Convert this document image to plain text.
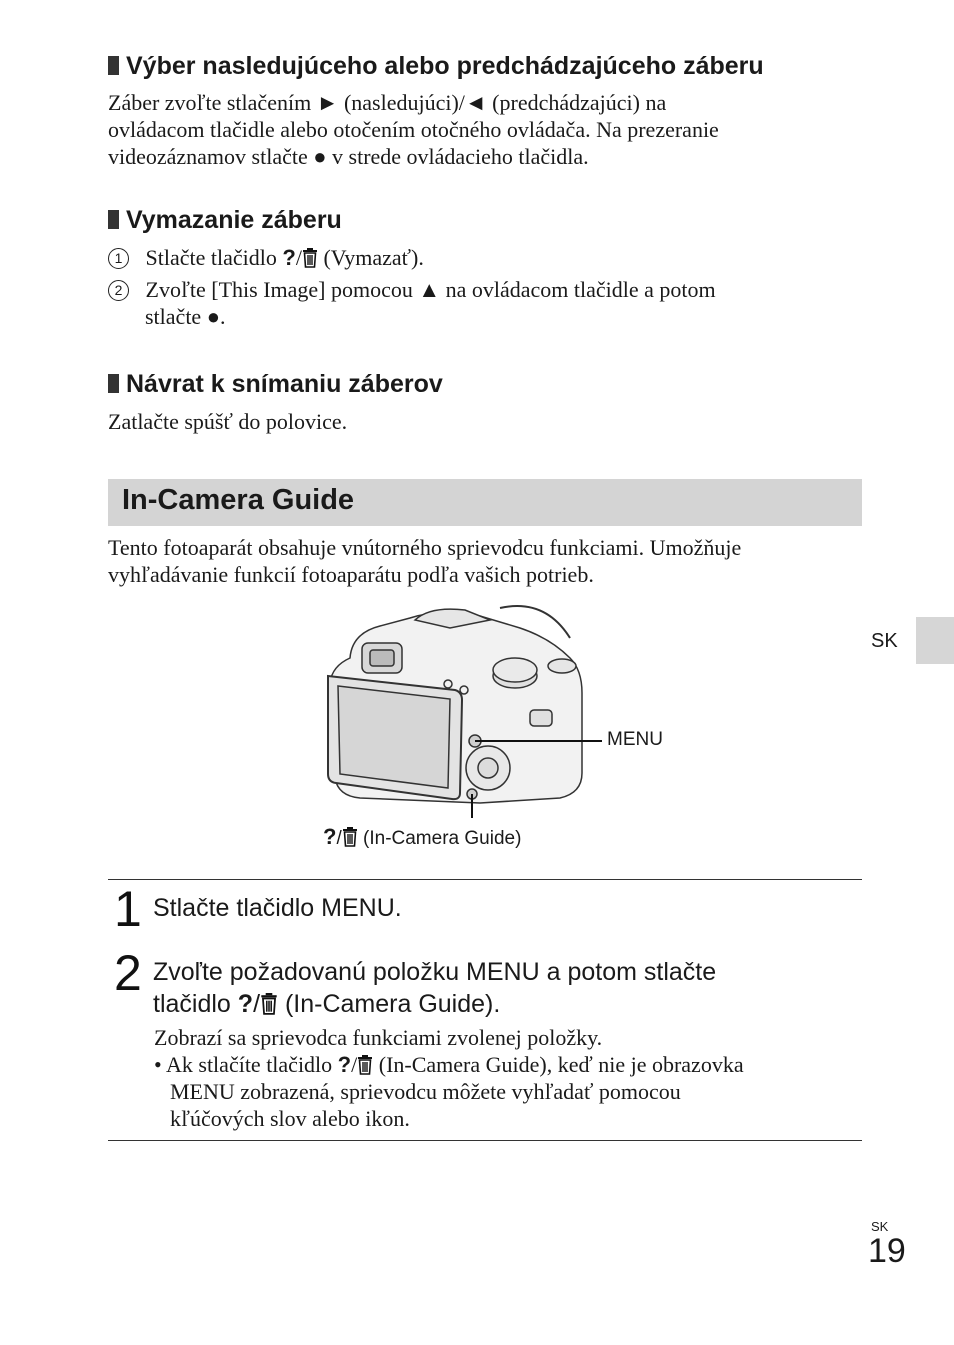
Výber nasledujúceho alebo predchádzajúceho záberu
Záber zvoľte stlačením ► (nasledujúci)/◄ (predchádzajúci) na
ovládacom tlačidle alebo otočením otočného ovládača. Na prezeranie
videozáznamov stlačte ● v strede ovládacieho tlačidla.
Vymazanie záberu
1 Stlačte tlačidlo ?/ (Vymazať).
2 Zvoľte [This Image] pomocou ▲ na ovládacom tlačidle a potom
stlačte ●.
Návrat k snímaniu záberov
Zatlačte spúšť do polovice.
In-Camera Guide
Tento fotoaparát obsahuje vnútorného sprievodcu funkciami. Umožňuje
vyhľadávanie funkcií fotoaparátu podľa vašich potrieb.
MENU
?/ (In-Camera Guide)
1 Stlačte tlačidlo MENU.
2 Zvoľte požadovanú položku MENU a potom stlačte
tlačidlo ?/ (In-Camera Guide).
Zobrazí sa sprievodca funkciami zvolenej položky.
• Ak stlačíte tlačidlo ?/ (In-Camera Guide), keď nie je obrazovka
MENU zobrazená, sprievodcu môžete vyhľadať pomocou
kľúčových slov alebo ikon.
SK
SK
19
